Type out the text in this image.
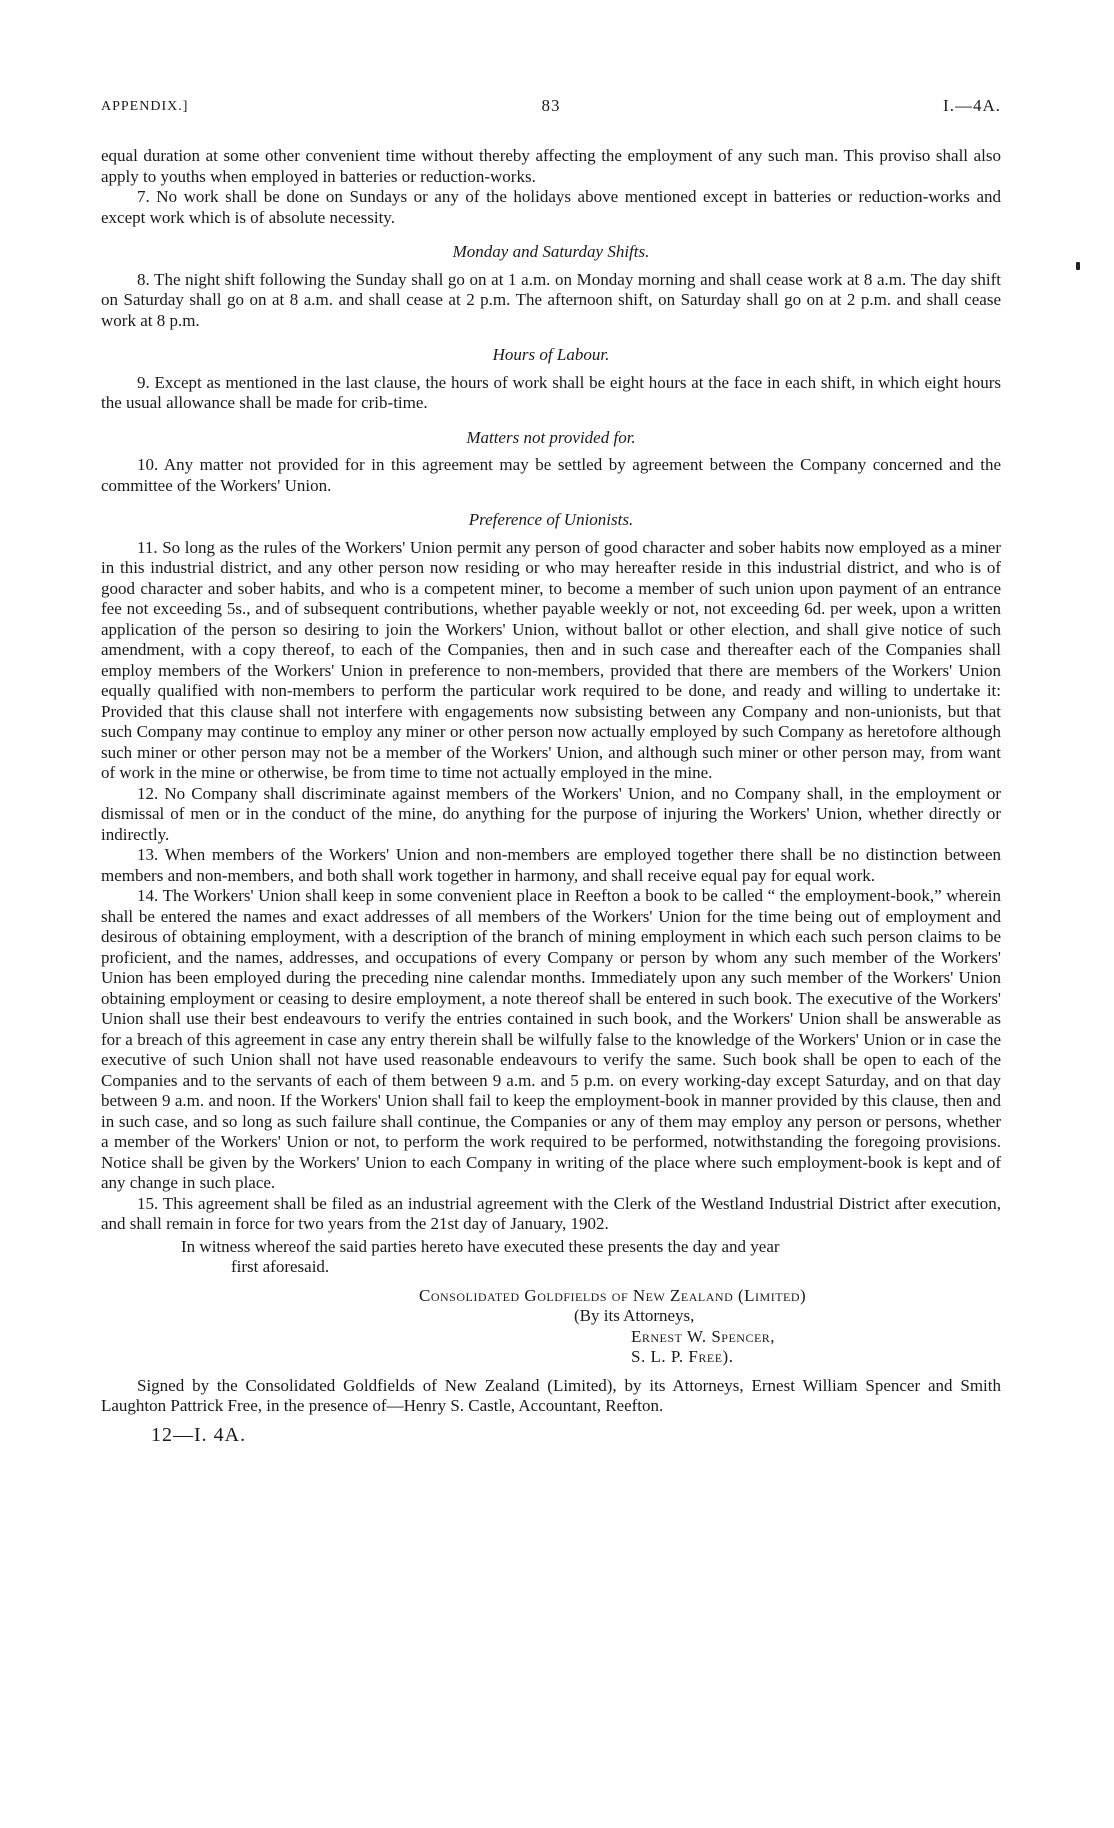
APPENDIX.]	83	I.—4A.

equal duration at some other convenient time without thereby affecting the employment of any such man. This proviso shall also apply to youths when employed in batteries or reduction-works.

7. No work shall be done on Sundays or any of the holidays above mentioned except in batteries or reduction-works and except work which is of absolute necessity.

Monday and Saturday Shifts.

8. The night shift following the Sunday shall go on at 1 a.m. on Monday morning and shall cease work at 8 a.m. The day shift on Saturday shall go on at 8 a.m. and shall cease at 2 p.m. The afternoon shift, on Saturday shall go on at 2 p.m. and shall cease work at 8 p.m.

Hours of Labour.

9. Except as mentioned in the last clause, the hours of work shall be eight hours at the face in each shift, in which eight hours the usual allowance shall be made for crib-time.

Matters not provided for.

10. Any matter not provided for in this agreement may be settled by agreement between the Company concerned and the committee of the Workers' Union.

Preference of Unionists.

11. So long as the rules of the Workers' Union permit any person of good character and sober habits now employed as a miner in this industrial district, and any other person now residing or who may hereafter reside in this industrial district, and who is of good character and sober habits, and who is a competent miner, to become a member of such union upon payment of an entrance fee not exceeding 5s., and of subsequent contributions, whether payable weekly or not, not exceeding 6d. per week, upon a written application of the person so desiring to join the Workers' Union, without ballot or other election, and shall give notice of such amendment, with a copy thereof, to each of the Companies, then and in such case and thereafter each of the Companies shall employ members of the Workers' Union in preference to non-members, provided that there are members of the Workers' Union equally qualified with non-members to perform the particular work required to be done, and ready and willing to undertake it: Provided that this clause shall not interfere with engagements now subsisting between any Company and non-unionists, but that such Company may continue to employ any miner or other person now actually employed by such Company as heretofore although such miner or other person may not be a member of the Workers' Union, and although such miner or other person may, from want of work in the mine or otherwise, be from time to time not actually employed in the mine.

12. No Company shall discriminate against members of the Workers' Union, and no Company shall, in the employment or dismissal of men or in the conduct of the mine, do anything for the purpose of injuring the Workers' Union, whether directly or indirectly.

13. When members of the Workers' Union and non-members are employed together there shall be no distinction between members and non-members, and both shall work together in harmony, and shall receive equal pay for equal work.

14. The Workers' Union shall keep in some convenient place in Reefton a book to be called “ the employment-book,” wherein shall be entered the names and exact addresses of all members of the Workers' Union for the time being out of employment and desirous of obtaining employment, with a description of the branch of mining employment in which each such person claims to be proficient, and the names, addresses, and occupations of every Company or person by whom any such member of the Workers' Union has been employed during the preceding nine calendar months. Immediately upon any such member of the Workers' Union obtaining employment or ceasing to desire employment, a note thereof shall be entered in such book. The executive of the Workers' Union shall use their best endeavours to verify the entries contained in such book, and the Workers' Union shall be answerable as for a breach of this agreement in case any entry therein shall be wilfully false to the knowledge of the Workers' Union or in case the executive of such Union shall not have used reasonable endeavours to verify the same. Such book shall be open to each of the Companies and to the servants of each of them between 9 a.m. and 5 p.m. on every working-day except Saturday, and on that day between 9 a.m. and noon. If the Workers' Union shall fail to keep the employment-book in manner provided by this clause, then and in such case, and so long as such failure shall continue, the Companies or any of them may employ any person or persons, whether a member of the Workers' Union or not, to perform the work required to be performed, notwithstanding the foregoing provisions. Notice shall be given by the Workers' Union to each Company in writing of the place where such employment-book is kept and of any change in such place.

15. This agreement shall be filed as an industrial agreement with the Clerk of the Westland Industrial District after execution, and shall remain in force for two years from the 21st day of January, 1902.

In witness whereof the said parties hereto have executed these presents the day and year
first aforesaid.

Consolidated Goldfields of New Zealand (Limited)
(By its Attorneys,
Ernest W. Spencer,
S. L. P. Free).

Signed by the Consolidated Goldfields of New Zealand (Limited), by its Attorneys, Ernest William Spencer and Smith Laughton Pattrick Free, in the presence of—Henry S. Castle, Accountant, Reefton.

12—I. 4A.
